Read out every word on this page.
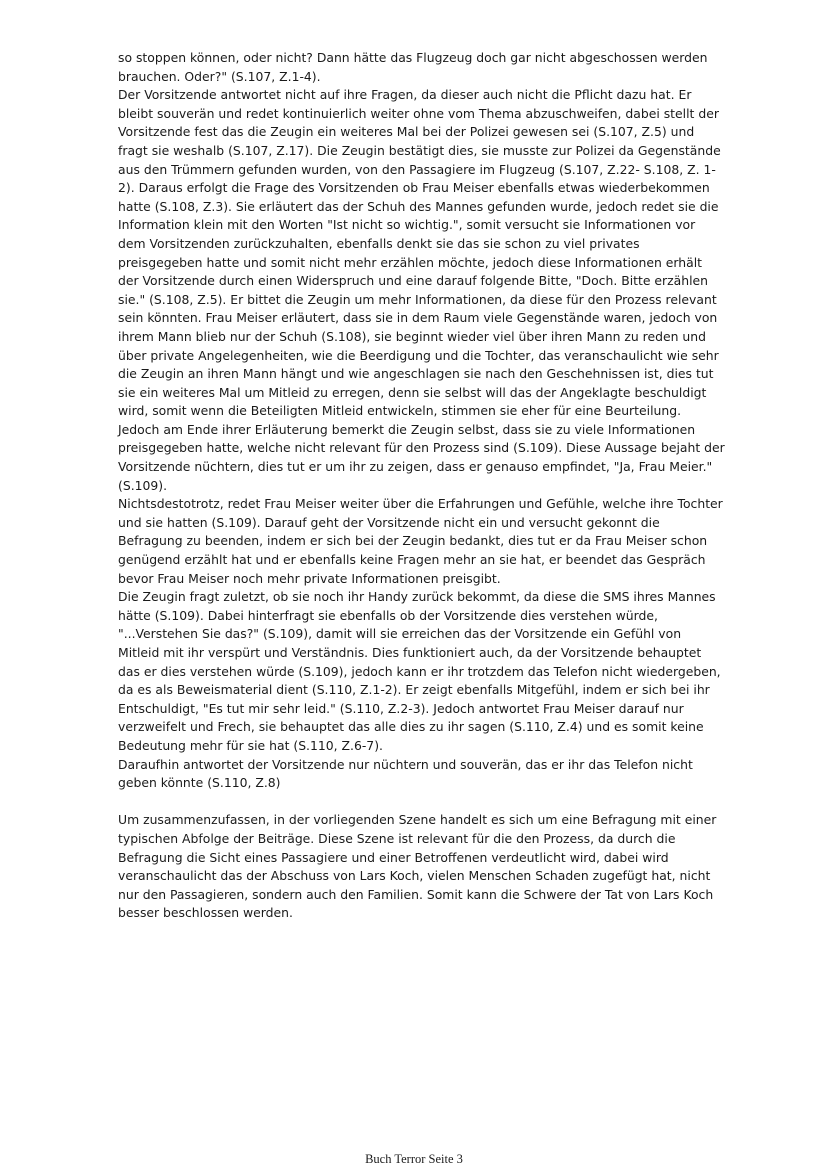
so stoppen können, oder nicht? Dann hätte das Flugzeug doch gar nicht abgeschossen werden brauchen. Oder?" (S.107, Z.1-4).

Der Vorsitzende antwortet nicht auf ihre Fragen, da dieser auch nicht die Pflicht dazu hat. Er bleibt souverän und redet kontinuierlich weiter ohne vom Thema abzuschweifen, dabei stellt der Vorsitzende fest das die Zeugin ein weiteres Mal bei der Polizei gewesen sei (S.107, Z.5) und fragt sie weshalb (S.107, Z.17). Die Zeugin bestätigt dies, sie musste zur Polizei da Gegenstände aus den Trümmern gefunden wurden, von den Passagiere im Flugzeug (S.107, Z.22- S.108, Z. 1-2). Daraus erfolgt die Frage des Vorsitzenden ob Frau Meiser ebenfalls etwas wiederbekommen hatte (S.108, Z.3). Sie erläutert das der Schuh des Mannes gefunden wurde, jedoch redet sie die Information klein mit den Worten "Ist nicht so wichtig.", somit versucht sie Informationen vor dem Vorsitzenden zurückzuhalten, ebenfalls denkt sie das sie schon zu viel privates preisgegeben hatte und somit nicht mehr erzählen möchte, jedoch diese Informationen erhält der Vorsitzende durch einen Widerspruch und eine darauf folgende Bitte, "Doch. Bitte erzählen sie." (S.108, Z.5). Er bittet die Zeugin um mehr Informationen, da diese für den Prozess relevant sein könnten. Frau Meiser erläutert, dass sie in dem Raum viele Gegenstände waren, jedoch von ihrem Mann blieb nur der Schuh (S.108), sie beginnt wieder viel über ihren Mann zu reden und über private Angelegenheiten, wie die Beerdigung und die Tochter, das veranschaulicht wie sehr die Zeugin an ihren Mann hängt und wie angeschlagen sie nach den Geschehnissen ist, dies tut sie ein weiteres Mal um Mitleid zu erregen, denn sie selbst will das der Angeklagte beschuldigt wird, somit wenn die Beteiligten Mitleid entwickeln, stimmen sie eher für eine Beurteilung. Jedoch am Ende ihrer Erläuterung bemerkt die Zeugin selbst, dass sie zu viele Informationen preisgegeben hatte, welche nicht relevant für den Prozess sind (S.109). Diese Aussage bejaht der Vorsitzende nüchtern, dies tut er um ihr zu zeigen, dass er genauso empfindet, "Ja, Frau Meier." (S.109).

Nichtsdestotrotz, redet Frau Meiser weiter über die Erfahrungen und Gefühle, welche ihre Tochter und sie hatten (S.109). Darauf geht der Vorsitzende nicht ein und versucht gekonnt die Befragung zu beenden, indem er sich bei der Zeugin bedankt, dies tut er da Frau Meiser schon genügend erzählt hat und er ebenfalls keine Fragen mehr an sie hat, er beendet das Gespräch bevor Frau Meiser noch mehr private Informationen preisgibt.

Die Zeugin fragt zuletzt, ob sie noch ihr Handy zurück bekommt, da diese die SMS ihres Mannes hätte (S.109). Dabei hinterfragt sie ebenfalls ob der Vorsitzende dies verstehen würde, "...Verstehen Sie das?" (S.109), damit will sie erreichen das der Vorsitzende ein Gefühl von Mitleid mit ihr verspürt und Verständnis. Dies funktioniert auch, da der Vorsitzende behauptet das er dies verstehen würde (S.109), jedoch kann er ihr trotzdem das Telefon nicht wiedergeben, da es als Beweismaterial dient (S.110, Z.1-2). Er zeigt ebenfalls Mitgefühl, indem er sich bei ihr Entschuldigt, "Es tut mir sehr leid." (S.110, Z.2-3). Jedoch antwortet Frau Meiser darauf nur verzweifelt und Frech, sie behauptet das alle dies zu ihr sagen (S.110, Z.4) und es somit keine Bedeutung mehr für sie hat (S.110, Z.6-7).

Daraufhin antwortet der Vorsitzende nur nüchtern und souverän, das er ihr das Telefon nicht geben könnte (S.110, Z.8)

Um zusammenzufassen, in der vorliegenden Szene handelt es sich um eine Befragung mit einer typischen Abfolge der Beiträge. Diese Szene ist relevant für die den Prozess, da durch die Befragung die Sicht eines Passagiere und einer Betroffenen verdeutlicht wird, dabei wird veranschaulicht das der Abschuss von Lars Koch, vielen Menschen Schaden zugefügt hat, nicht nur den Passagieren, sondern auch den Familien. Somit kann die Schwere der Tat von Lars Koch besser beschlossen werden.

Buch Terror Seite 3
